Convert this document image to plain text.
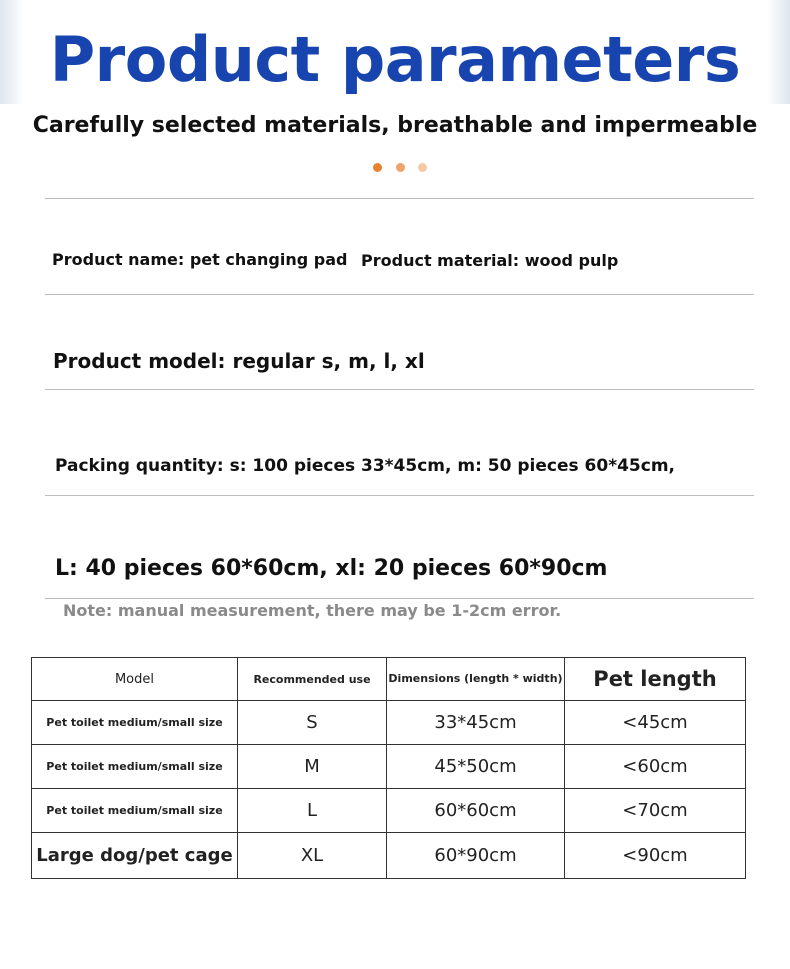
Product parameters
Carefully selected materials, breathable and impermeable
Product name: pet changing pad Product material: wood pulp
Product model: regular s, m, l, xl
Packing quantity: s: 100 pieces 33*45cm, m: 50 pieces 60*45cm,
L: 40 pieces 60*60cm, xl: 20 pieces 60*90cm
Note: manual measurement, there may be 1-2cm error.
Model	Recommended use	Dimensions (length * width)	Pet length
Pet toilet medium/small size	S	33*45cm	<45cm
Pet toilet medium/small size	M	45*50cm	<60cm
Pet toilet medium/small size	L	60*60cm	<70cm
Large dog/pet cage	XL	60*90cm	<90cm
